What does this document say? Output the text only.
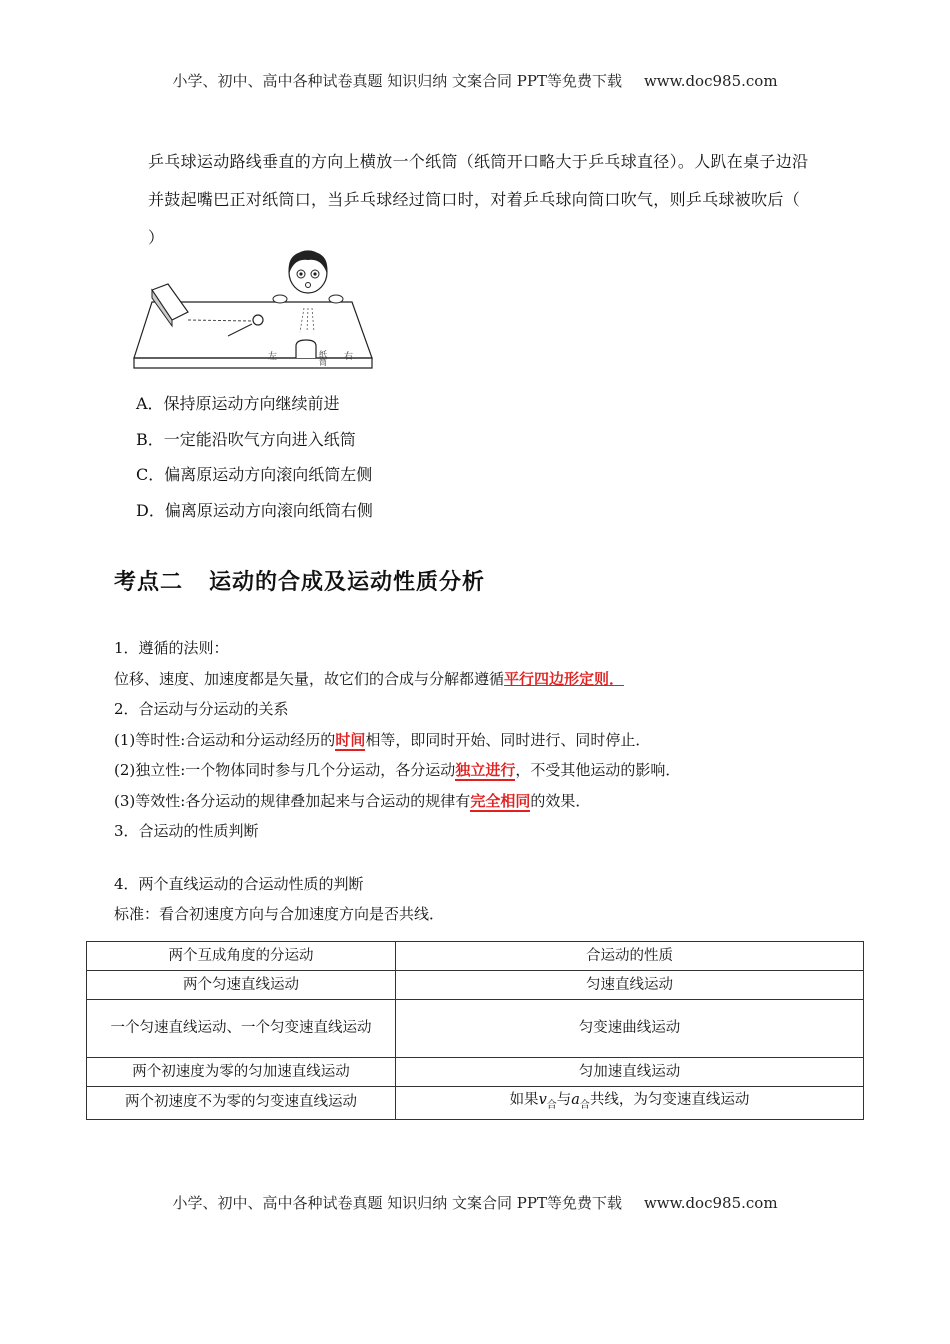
小学、初中、高中各种试卷真题 知识归纳 文案合同 PPT等免费下载 www.doc985.com
乒乓球运动路线垂直的方向上横放一个纸筒（纸筒开口略大于乒乓球直径）。人趴在桌子边沿
并鼓起嘴巴正对纸筒口，当乒乓球经过筒口时，对着乒乓球向筒口吹气，则乒乓球被吹后（
）
左	右
纸筒
A．保持原运动方向继续前进
B．一定能沿吹气方向进入纸筒
C．偏离原运动方向滚向纸筒左侧
D．偏离原运动方向滚向纸筒右侧
考点二 运动的合成及运动性质分析
1．遵循的法则：
位移、速度、加速度都是矢量，故它们的合成与分解都遵循平行四边形定则．
2．合运动与分运动的关系
(1)等时性:合运动和分运动经历的时间相等，即同时开始、同时进行、同时停止．
(2)独立性:一个物体同时参与几个分运动，各分运动独立进行，不受其他运动的影响．
(3)等效性:各分运动的规律叠加起来与合运动的规律有完全相同的效果．
3．合运动的性质判断
4．两个直线运动的合运动性质的判断
标准：看合初速度方向与合加速度方向是否共线．
两个互成角度的分运动	合运动的性质
两个匀速直线运动	匀速直线运动
一个匀速直线运动、一个匀变速直线运动	匀变速曲线运动
两个初速度为零的匀加速直线运动	匀加速直线运动
两个初速度不为零的匀变速直线运动	如果$v_合$与$a_合$共线，为匀变速直线运动
小学、初中、高中各种试卷真题 知识归纳 文案合同 PPT等免费下载 www.doc985.com
